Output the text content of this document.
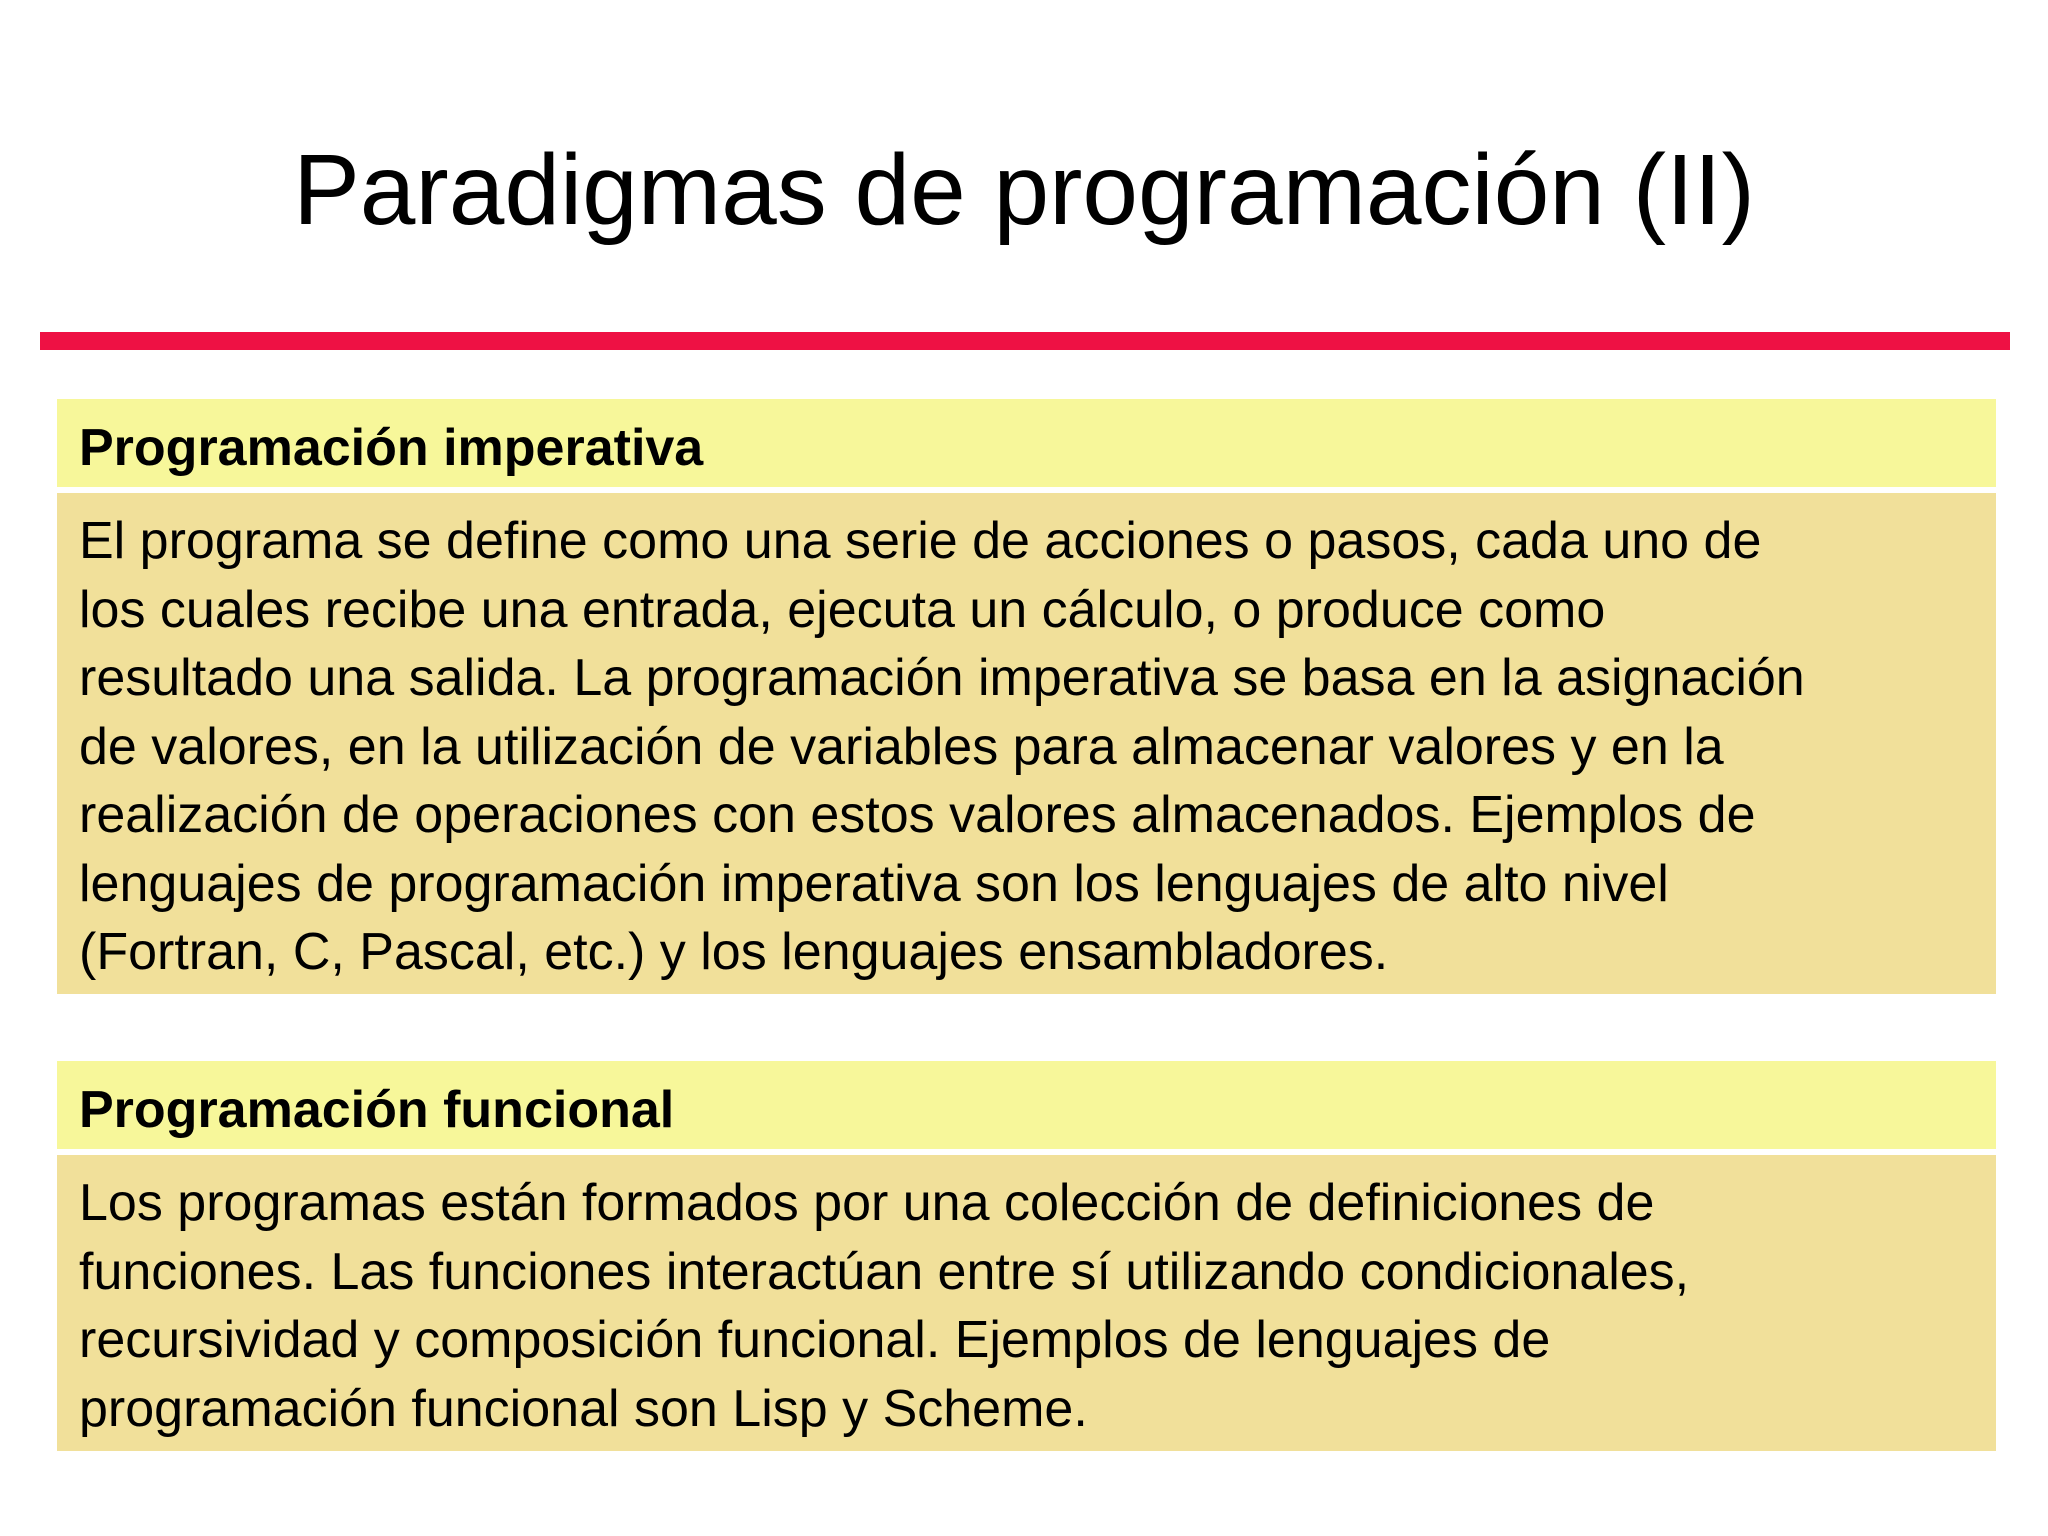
Paradigmas de programación (II)
Programación imperativa
El programa se define como una serie de acciones o pasos, cada uno de
los cuales recibe una entrada, ejecuta un cálculo, o produce como
resultado una salida. La programación imperativa se basa en la asignación
de valores, en la utilización de variables para almacenar valores y en la
realización de operaciones con estos valores almacenados. Ejemplos de
lenguajes de programación imperativa son los lenguajes de alto nivel
(Fortran, C, Pascal, etc.) y los lenguajes ensambladores.
Programación funcional
Los programas están formados por una colección de definiciones de
funciones. Las funciones interactúan entre sí utilizando condicionales,
recursividad y composición funcional. Ejemplos de lenguajes de
programación funcional son Lisp y Scheme.
